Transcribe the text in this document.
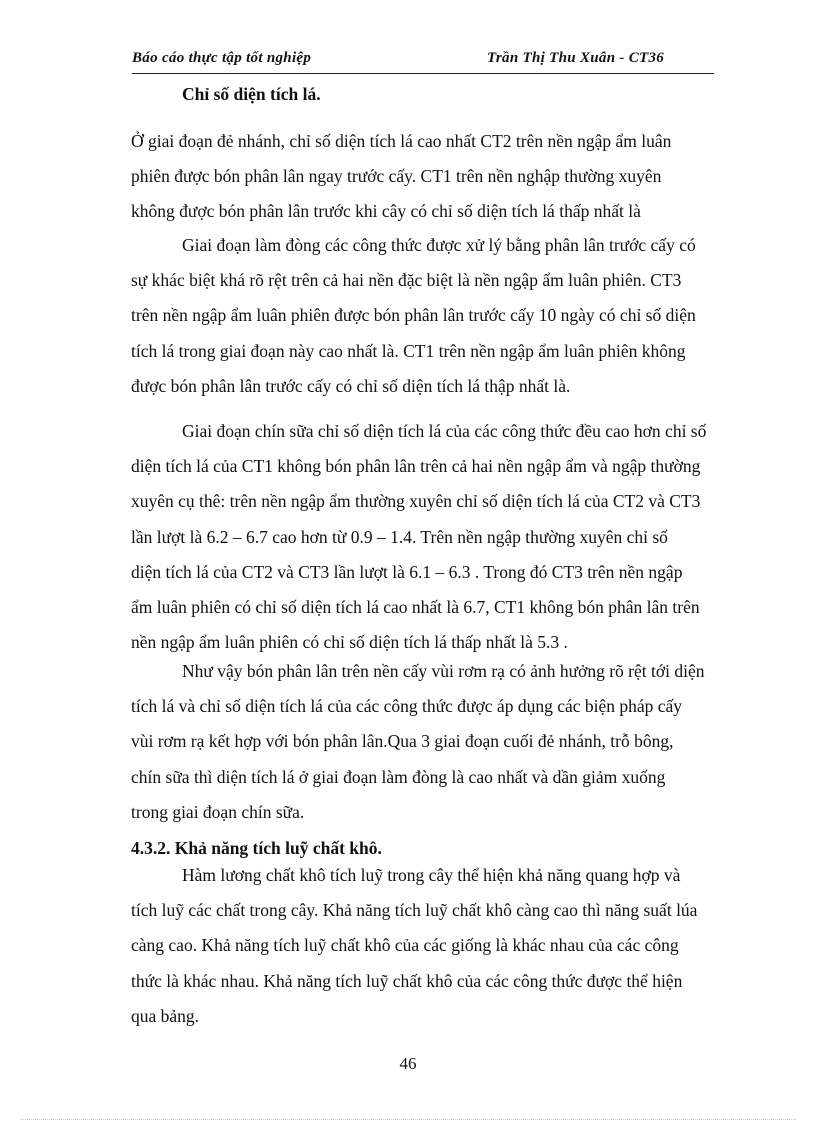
Báo cáo thực tập tốt nghiệp	Trần Thị Thu Xuân - CT36
Chỉ số diện tích lá.
Ở giai đoạn đẻ nhánh, chỉ số diện tích lá cao nhất CT2 trên nền ngập ẩm luân
phiên được bón phân lân ngay trước cấy. CT1 trên nền nghập thường xuyên
không được bón phân lân trước khi cây có chỉ số diện tích lá thấp nhất là
Giai đoạn làm đòng các công thức được xử lý bằng phân lân trước cấy có
sự khác biệt khá rõ rệt trên cả hai nền đặc biệt là nền ngập ẩm luân phiên. CT3
trên nền ngập ẩm luân phiên được bón phân lân trước cấy 10 ngày có chỉ số diện
tích lá trong giai đoạn này cao nhất là. CT1 trên nền ngập ẩm luân phiên không
được bón phân lân trước cấy có chỉ số diện tích lá thập nhất là.
Giai đoạn chín sữa chỉ số diện tích lá của các công thức đều cao hơn chỉ số
diện tích lá của CT1 không bón phân lân trên cả hai nền ngập ẩm và ngập thường
xuyên cụ thê: trên nền ngập ẩm thường xuyên chỉ số diện tích lá của CT2 và CT3
lần lượt là 6.2 – 6.7 cao hơn từ 0.9 – 1.4. Trên nền ngập thường xuyên chỉ số
diện tích lá của CT2 và CT3 lần lượt là 6.1 – 6.3 . Trong đó CT3 trên nền ngập
ẩm luân phiên có chỉ số diện tích lá cao nhất là 6.7, CT1 không bón phân lân trên
nền ngập ẩm luân phiên có chỉ số diện tích lá thấp nhất là 5.3 .
Như vậy bón phân lân trên nền cấy vùi rơm rạ có ảnh hưởng rõ rệt tới diện
tích lá và chỉ số diện tích lá của các công thức được áp dụng các biện pháp cấy
vùi rơm rạ kết hợp với bón phân lân.Qua 3 giai đoạn cuối đẻ nhánh, trỗ bông,
chín sữa thì diện tích lá ở giai đoạn làm đòng là cao nhất và dần giảm xuống
trong giai đoạn chín sữa.
4.3.2. Khả năng tích luỹ chất khô.
Hàm lương chất khô tích luỹ trong cây thể hiện khả năng quang hợp và
tích luỹ các chất trong cây. Khả năng tích luỹ chất khô càng cao thì năng suất lúa
càng cao. Khả năng tích luỹ chất khô của các giống là khác nhau của các công
thức là khác nhau. Khả năng tích luỹ chất khô của các công thức được thể hiện
qua bảng.
46
